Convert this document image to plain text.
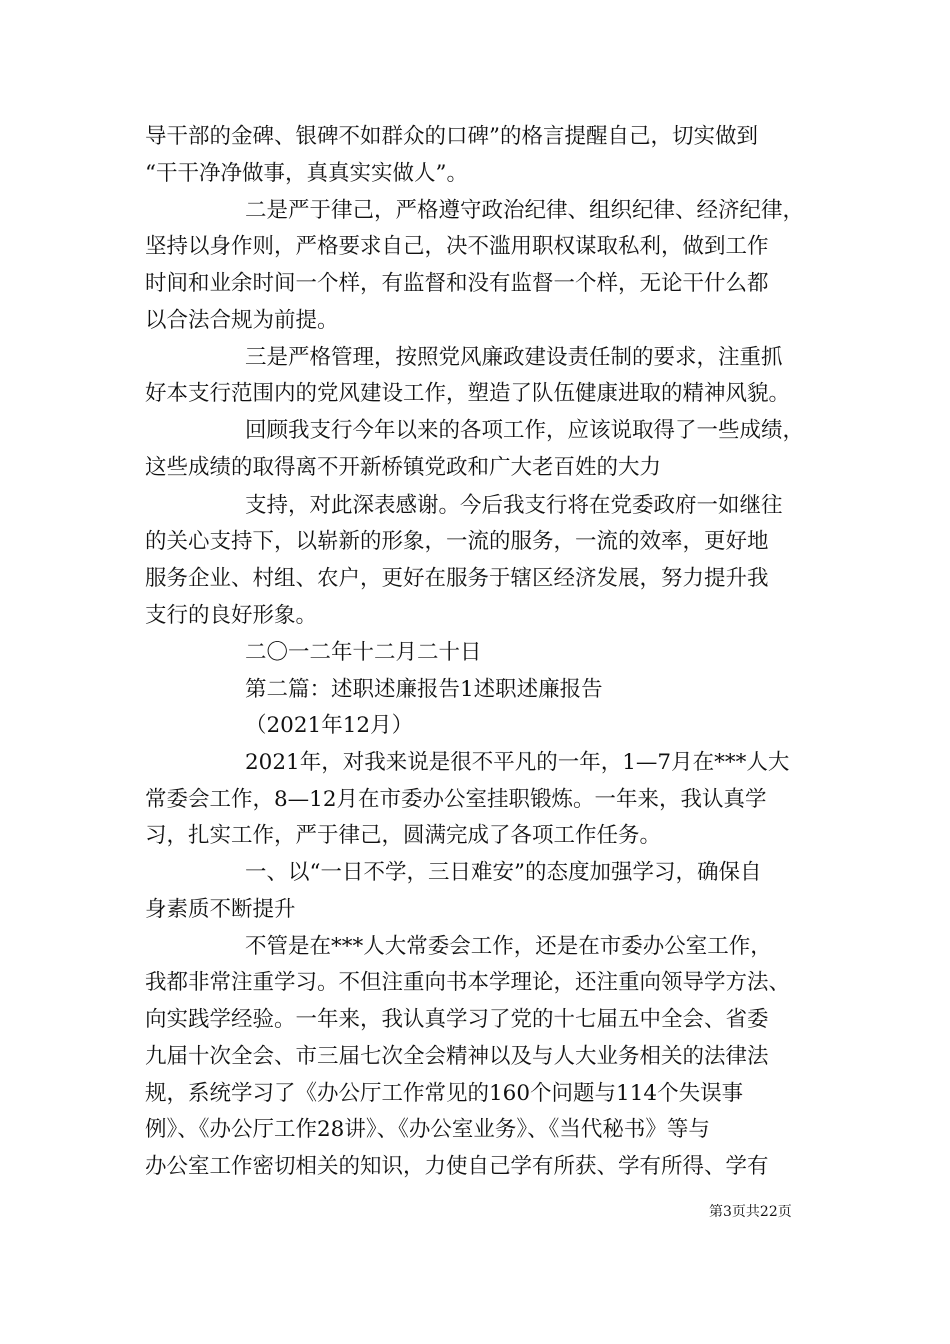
导干部的金碑、银碑不如群众的口碑”的格言提醒自己，切实做到
“干干净净做事，真真实实做人”。
二是严于律己，严格遵守政治纪律、组织纪律、经济纪律，
坚持以身作则，严格要求自己，决不滥用职权谋取私利，做到工作
时间和业余时间一个样，有监督和没有监督一个样，无论干什么都
以合法合规为前提。
三是严格管理，按照党风廉政建设责任制的要求，注重抓
好本支行范围内的党风建设工作，塑造了队伍健康进取的精神风貌。
回顾我支行今年以来的各项工作，应该说取得了一些成绩，
这些成绩的取得离不开新桥镇党政和广大老百姓的大力
支持，对此深表感谢。今后我支行将在党委政府一如继往
的关心支持下，以崭新的形象，一流的服务，一流的效率，更好地
服务企业、村组、农户，更好在服务于辖区经济发展，努力提升我
支行的良好形象。
二〇一二年十二月二十日
第二篇：述职述廉报告1述职述廉报告
（2021年12月）
2021年，对我来说是很不平凡的一年，1—7月在***人大
常委会工作，8—12月在市委办公室挂职锻炼。一年来，我认真学
习，扎实工作，严于律己，圆满完成了各项工作任务。
一、以“一日不学，三日难安”的态度加强学习，确保自
身素质不断提升
不管是在***人大常委会工作，还是在市委办公室工作，
我都非常注重学习。不但注重向书本学理论，还注重向领导学方法、
向实践学经验。一年来，我认真学习了党的十七届五中全会、省委
九届十次全会、市三届七次全会精神以及与人大业务相关的法律法
规，系统学习了《办公厅工作常见的160个问题与114个失误事
例》、《办公厅工作28讲》、《办公室业务》、《当代秘书》等与
办公室工作密切相关的知识，力使自己学有所获、学有所得、学有
第3页共22页
